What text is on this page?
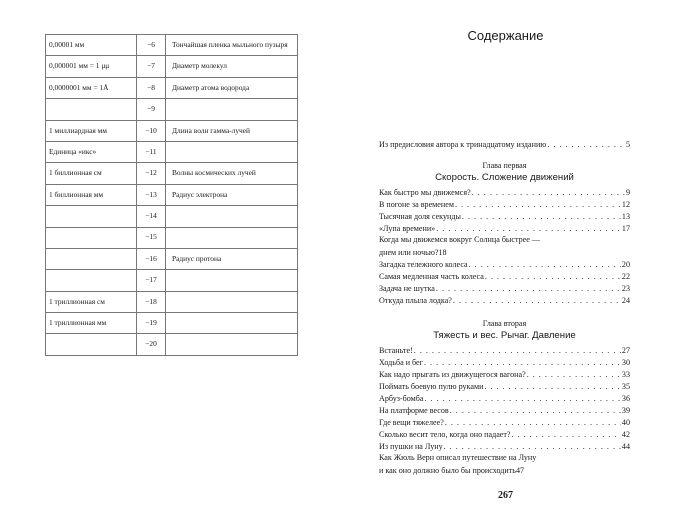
0,00001 мм	−6	Тончайшая пленка мыльного пузыря
0,000001 мм = 1 μμ	−7	Диаметр молекул
0,0000001 мм = 1Å	−8	Диаметр атома водорода
	−9	
1 миллиардная мм	−10	Длина волн гамма-лучей
Единица «икс»	−11	
1 биллионная см	−12	Волны космических лучей
1 биллионная мм	−13	Радиус электрона
	−14	
	−15	
	−16	Радиус протона
	−17	
1 триллионная см	−18	
1 триллионная мм	−19	
	−20	
Содержание
Из предисловия автора к тринадцатому изданию . . .	5
Глава первая
Скорость. Сложение движений
Как быстро мы движемся? . . .	9
В погоне за временем . . .	12
Тысячная доля секунды . . .	13
«Лупа времени» . . .	17
Когда мы движемся вокруг Солнца быстрее —
днем или ночью? 18
Загадка тележного колеса . . .	20
Самая медленная часть колеса . . .	22
Задача не шутка . . .	23
Откуда плыла лодка? . . .	24
Глава вторая
Тяжесть и вес. Рычаг. Давление
Встаньте! . . .	27
Ходьба и бег . . .	30
Как надо прыгать из движущегося вагона? . . .	33
Поймать боевую пулю руками . . .	35
Арбуз-бомба . . .	36
На платформе весов . . .	39
Где вещи тяжелее? . . .	40
Сколько весит тело, когда оно падает? . . .	42
Из пушки на Луну . . .	44
Как Жюль Верн описал путешествие на Луну
и как оно должно было бы происходить 47
267
